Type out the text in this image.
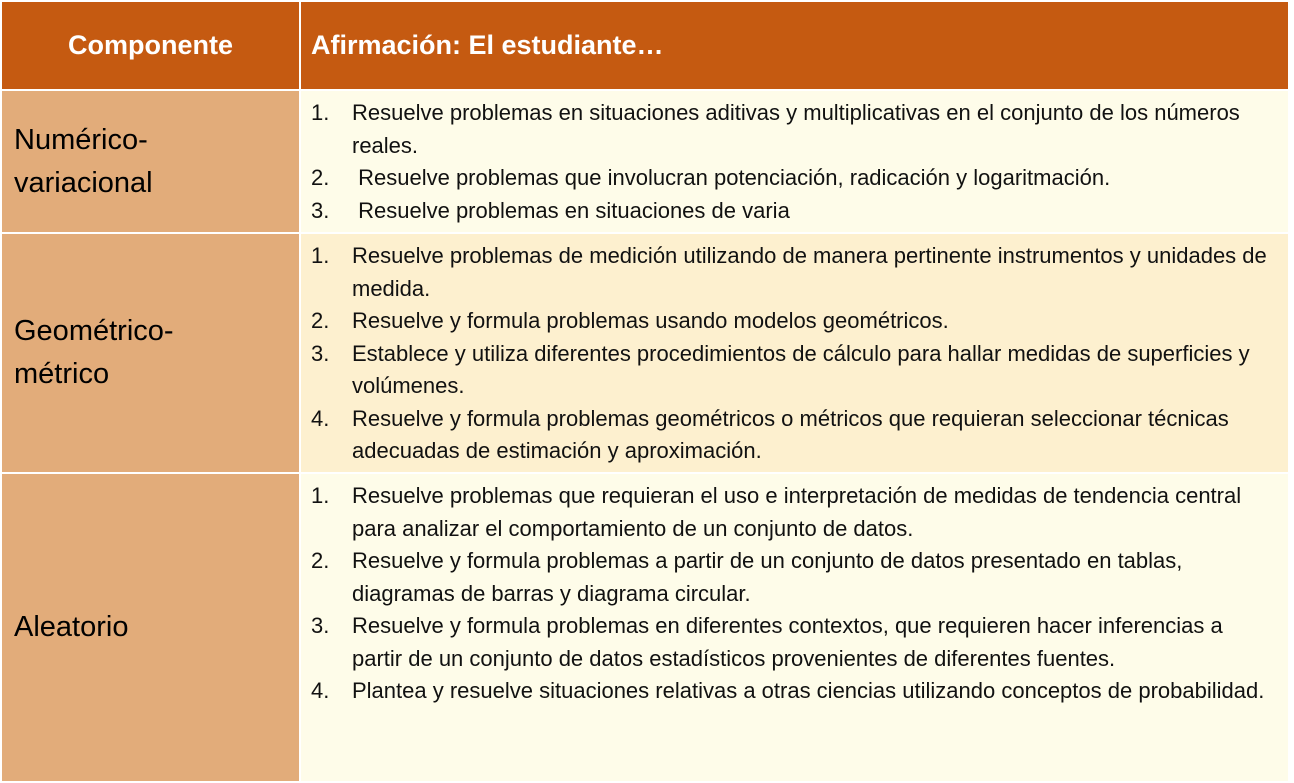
Componente	Afirmación: El estudiante…
Numérico-variacional
1.	Resuelve problemas en situaciones aditivas y multiplicativas en el conjunto de los números reales.
2.	Resuelve problemas que involucran potenciación, radicación y logaritmación.
3.	Resuelve problemas en situaciones de varia
Geométrico-métrico
1.	Resuelve problemas de medición utilizando de manera pertinente instrumentos y unidades de medida.
2.	Resuelve y formula problemas usando modelos geométricos.
3.	Establece y utiliza diferentes procedimientos de cálculo para hallar medidas de superficies y volúmenes.
4.	Resuelve y formula problemas geométricos o métricos que requieran seleccionar técnicas adecuadas de estimación y aproximación.
Aleatorio
1.	Resuelve problemas que requieran el uso e interpretación de medidas de tendencia central para analizar el comportamiento de un conjunto de datos.
2.	Resuelve y formula problemas a partir de un conjunto de datos presentado en tablas, diagramas de barras y diagrama circular.
3.	Resuelve y formula problemas en diferentes contextos, que requieren hacer inferencias a partir de un conjunto de datos estadísticos provenientes de diferentes fuentes.
4.	Plantea y resuelve situaciones relativas a otras ciencias utilizando conceptos de probabilidad.
